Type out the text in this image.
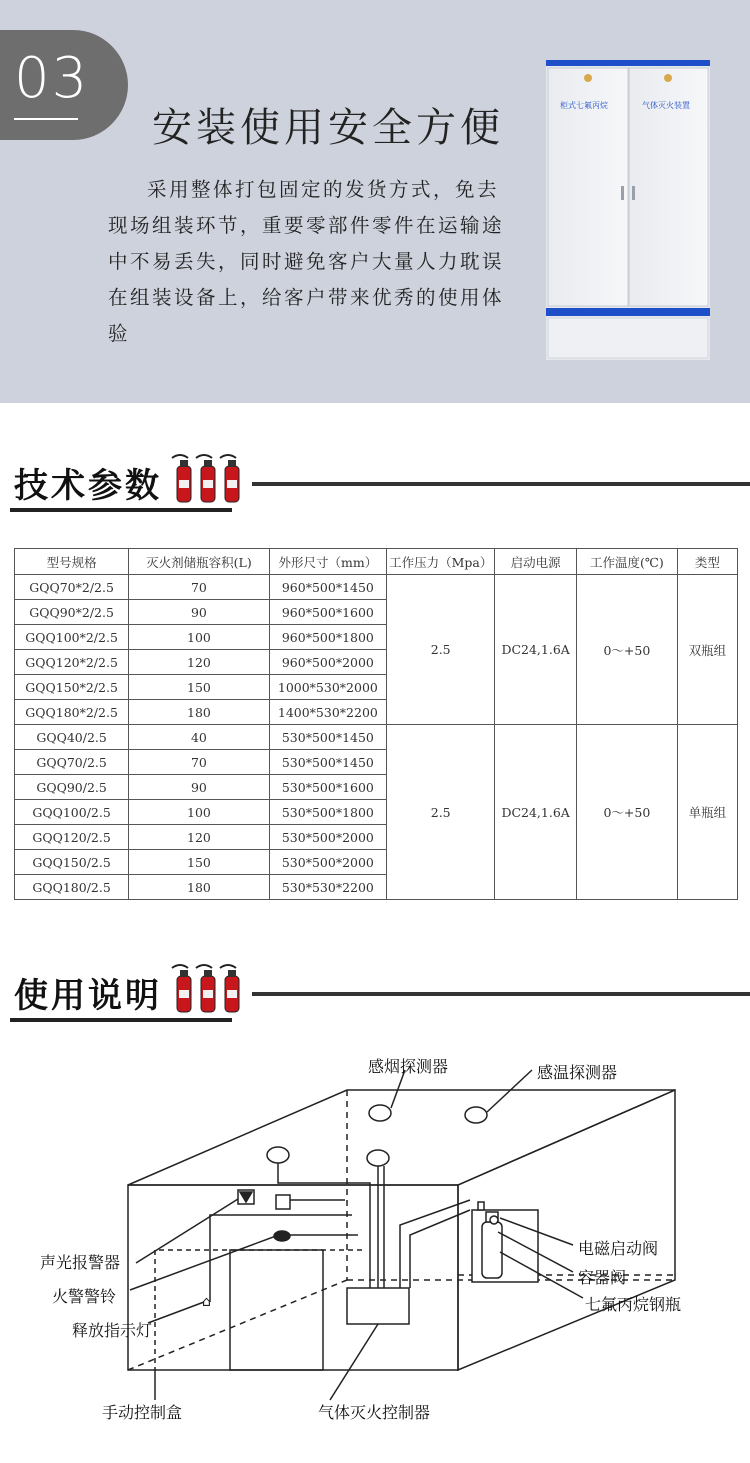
03
安装使用安全方便
采用整体打包固定的发货方式，免去现场组装环节，重要零部件零件在运输途中不易丢失，同时避免客户大量人力耽误在组装设备上，给客户带来优秀的使用体验
柜式七氟丙烷	气体灭火装置
技术参数
型号规格	灭火剂储瓶容积(L)	外形尺寸（mm）	工作压力（Mpa）	启动电源	工作温度(℃)	类型
GQQ70*2/2.5	70	960*500*1450	2.5	DC24,1.6A	0～+50	双瓶组
GQQ90*2/2.5	90	960*500*1600				
GQQ100*2/2.5	100	960*500*1800				
GQQ120*2/2.5	120	960*500*2000				
GQQ150*2/2.5	150	1000*530*2000				
GQQ180*2/2.5	180	1400*530*2200				
GQQ40/2.5	40	530*500*1450	2.5	DC24,1.6A	0～+50	单瓶组
GQQ70/2.5	70	530*500*1450				
GQQ90/2.5	90	530*500*1600				
GQQ100/2.5	100	530*500*1800				
GQQ120/2.5	120	530*500*2000				
GQQ150/2.5	150	530*500*2000				
GQQ180/2.5	180	530*530*2200				
使用说明
⌂
感烟探测器	感温探测器
声光报警器
火警警铃
释放指示灯
手动控制盒	气体灭火控制器
电磁启动阀
容器阀
七氟丙烷钢瓶
